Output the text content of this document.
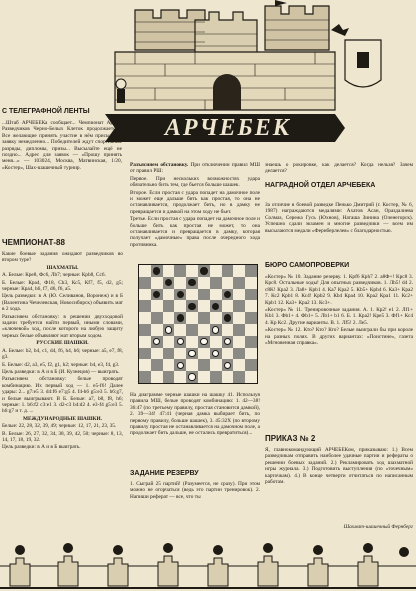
АРЧЕБЕК
С ТЕЛЕГРАФНОЙ ЛЕНТЫ
...Штаб АРЧЕБЕКа сообщает... Чемпионат Армии Разведчиков Черно-Белых Клеток продолжается... Все желающие принять участие в нём присылайте заявку немедленно... Победителей ждут спортивные разряды, дипломы, призы... Высылайте ещё не поздно... Адрес для заявок — «Прошу принять меня...» — 103024, Москва, Матвинская, 1/20, «Костер», Шах-шашечный турнир.
ЧЕМПИОНАТ-88

Какие боевые задания ожидают разведчиков во втором туре?

ШАХМАТЫ.

А. Белые: Крe8, Фс6, Лb7; черные: Крb8, Сс6.

Б. Белые: Кра4, Ф18, Сh3, Кс5, Кf7, f5, d2, g5; черные: Кра4, h6, f7, d6, f6, a5.

Цель разведки: в А (Ю. Селиванов, Воронеж) и в Б (Валентина Чечелевская, Новосибирск) объявить мат в 2 хода.

Разъясняем обстановку: в решении двухходовой задачи требуется найти первый, иными словами, «ключевой» ход, после которого на любую защиту черных белые объявляют мат вторым ходом.

РУССКИЕ ШАШКИ.

А. Белые: b2, b4, c1, d4, f6, h4, h6; черные: a5, e7, f8, g3.

Б. Белые: d2, a3, e5, f2, g1, h2; черные: b4, e3, f4, g3.

Цель разведки: в А и в Б (И. Кузнецов) — выиграть.

Разъясняем обстановку: белые проводят комбинацию. Их первый ход — 1. e5-f6! Далее удары: 2... g7:e5 3. d4:f6 e7:g5 4. f4-h6 g5:e3 5. h6:g7, и белые выигрывают. В Б. Белые: a7, b8, f8, h6; черные: 1. b6:f2 c3:e1 3. d2-c3 b4:d2 4. e3-f4 g5:e3 5. h6:g7 и т. д. ...

МЕЖДУНАРОДНЫЕ ШАШКИ.

Белые: 22, 28, 32, 39, 49; черные: 12, 17, 21, 23, 35.

В. Белые: 26, 27, 32, 34, 38, 39, 42, 50; черные: 8, 13, 14, 17, 18, 19, 32.

Цель разведки: в А и в Б выиграть.

Разъясняем обстановку. При отключении правил МШ от правил РШ:

Первое. При нескольких возможностях удара обязательно бить тем, где бьется больше шашек.

Второе. Если простая с удара попадет на дамочное поле и может еще дальше бить как простая, то она не останавливается, продолжает бить, но в дамку не превращается и дамкой на этом ходу не бьет.

Третье. Если простая с удара попадет на дамочное поле и больше бить как простая не может, то она останавливается и превращается в дамку, которая получает «дамочные» права после очередного хода противника.

На диаграмме черные шашки на шашку 41. Используя правила МШ, белые проводят комбинацию: 1. 42—38! 36:47 (по третьему правилу, простая становится дамкой), 2. 39—34! 47:41 (черная дамка выбирает бить, по первому правилу, больше шашек), 3. 45:32X (по второму правилу простая не останавливается на дамочном поле, а продолжает бить дальше, не остались превратиться)...
ЗАДАНИЕ РЕЗЕРВУ
1. Сыграй 25 партий! (Разумеется, не сразу). При этом можно не огорчаться (ведь это партии тренировок). 2. Напиши реферат — все, что ты
знаешь о рокировке, как делается? Когда нельзя? Зачем делается?
НАГРАДНОЙ ОТДЕЛ АРЧЕБЕКА
За отличие в боевой разведке Пенько Дмитрий (г. Костер, № 6, 1987) награждаются медалями: Ахатов Асан, Ораздалиева Солмаз, Сережа Гусь (Юхнов), Наташа Зинина (Оленегорск). Успешно сдали экзамен и многие разведчики — всем им высылаются медали «Фернберлелея» с благодарностью.
БЮРО САМОПРОВЕРКИ

«Костер» № 10. Задание резерву. 1. Крf6 Крh7 2. a8Ф+! Кpc8 3. Кpc8. Остальные ходы! Для опытных разведчиков. 1. Лb5! d4 2. c8K! Кpa2 3. Лa8+ Крb1 4. Ка7 Кра2 5. Кb5+ Крb4 6. Ка3+ Кра2 7. Кс2 Крb1 8. Кс4! Крb2 9. Кb4 Кра4 10. Кра2 Кра1 11. Кс2+ Крb1 12. Ка3+ Кра2 13. Кс3+.

«Костер» № 11. Тренировочные задания. А. 1. Кр2! e1 2. Лf1+ Kb1 3. Фb1+ 4. Фb1+ 5. Лb1+ b1 6. Б. 1. Кра2! Кре5 3. Фf1+ Кс4 4. Кр Кс2. Другие варианты. В. 1. Лf5! 2. Лe5.

«Костер» № 12. Кто? Кто? Кто? Белые выиграли бы при короле на разных полях. В других вариантах: «Поистине», газета «Мгновенная справка».

ПРИКАЗ № 2
Я, главнокомандующий АРЧЕБЕКом, приказываю: 1.) Всем разведчикам отправить наиболее удачные партии и рефераты о решении боевых заданий. 2.) Рекламировать ход шахматной игры журнала. 3.) Подготовить выступления (по «точечным» карточкам). 4.) В конце четверти отчитаться по написанным работам.
Шахмат-шашечный Фернберг
